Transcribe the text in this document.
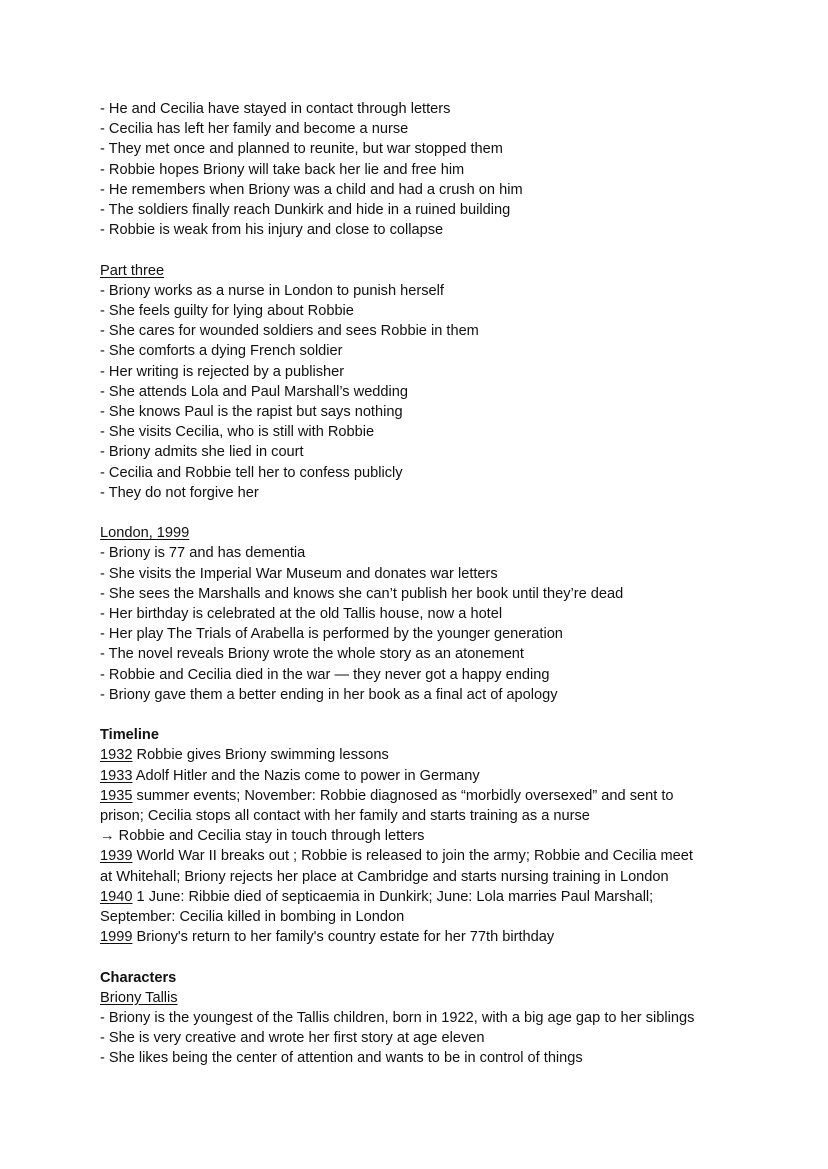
- He and Cecilia have stayed in contact through letters

- Cecilia has left her family and become a nurse

- They met once and planned to reunite, but war stopped them

- Robbie hopes Briony will take back her lie and free him

- He remembers when Briony was a child and had a crush on him

- The soldiers finally reach Dunkirk and hide in a ruined building

- Robbie is weak from his injury and close to collapse

Part three

- Briony works as a nurse in London to punish herself

- She feels guilty for lying about Robbie

- She cares for wounded soldiers and sees Robbie in them

- She comforts a dying French soldier

- Her writing is rejected by a publisher

- She attends Lola and Paul Marshall’s wedding

- She knows Paul is the rapist but says nothing

- She visits Cecilia, who is still with Robbie

- Briony admits she lied in court

- Cecilia and Robbie tell her to confess publicly

- They do not forgive her

London, 1999

- Briony is 77 and has dementia

- She visits the Imperial War Museum and donates war letters

- She sees the Marshalls and knows she can’t publish her book until they’re dead

- Her birthday is celebrated at the old Tallis house, now a hotel

- Her play The Trials of Arabella is performed by the younger generation

- The novel reveals Briony wrote the whole story as an atonement

- Robbie and Cecilia died in the war — they never got a happy ending

- Briony gave them a better ending in her book as a final act of apology

Timeline

1932 Robbie gives Briony swimming lessons

1933 Adolf Hitler and the Nazis come to power in Germany

1935 summer events; November: Robbie diagnosed as “morbidly oversexed” and sent to

prison; Cecilia stops all contact with her family and starts training as a nurse

→ Robbie and Cecilia stay in touch through letters

1939 World War II breaks out ; Robbie is released to join the army; Robbie and Cecilia meet

at Whitehall; Briony rejects her place at Cambridge and starts nursing training in London

1940 1 June: Ribbie died of septicaemia in Dunkirk; June: Lola marries Paul Marshall;

September: Cecilia killed in bombing in London

1999 Briony's return to her family's country estate for her 77th birthday

Characters

Briony Tallis

- Briony is the youngest of the Tallis children, born in 1922, with a big age gap to her siblings

- She is very creative and wrote her first story at age eleven

- She likes being the center of attention and wants to be in control of things
